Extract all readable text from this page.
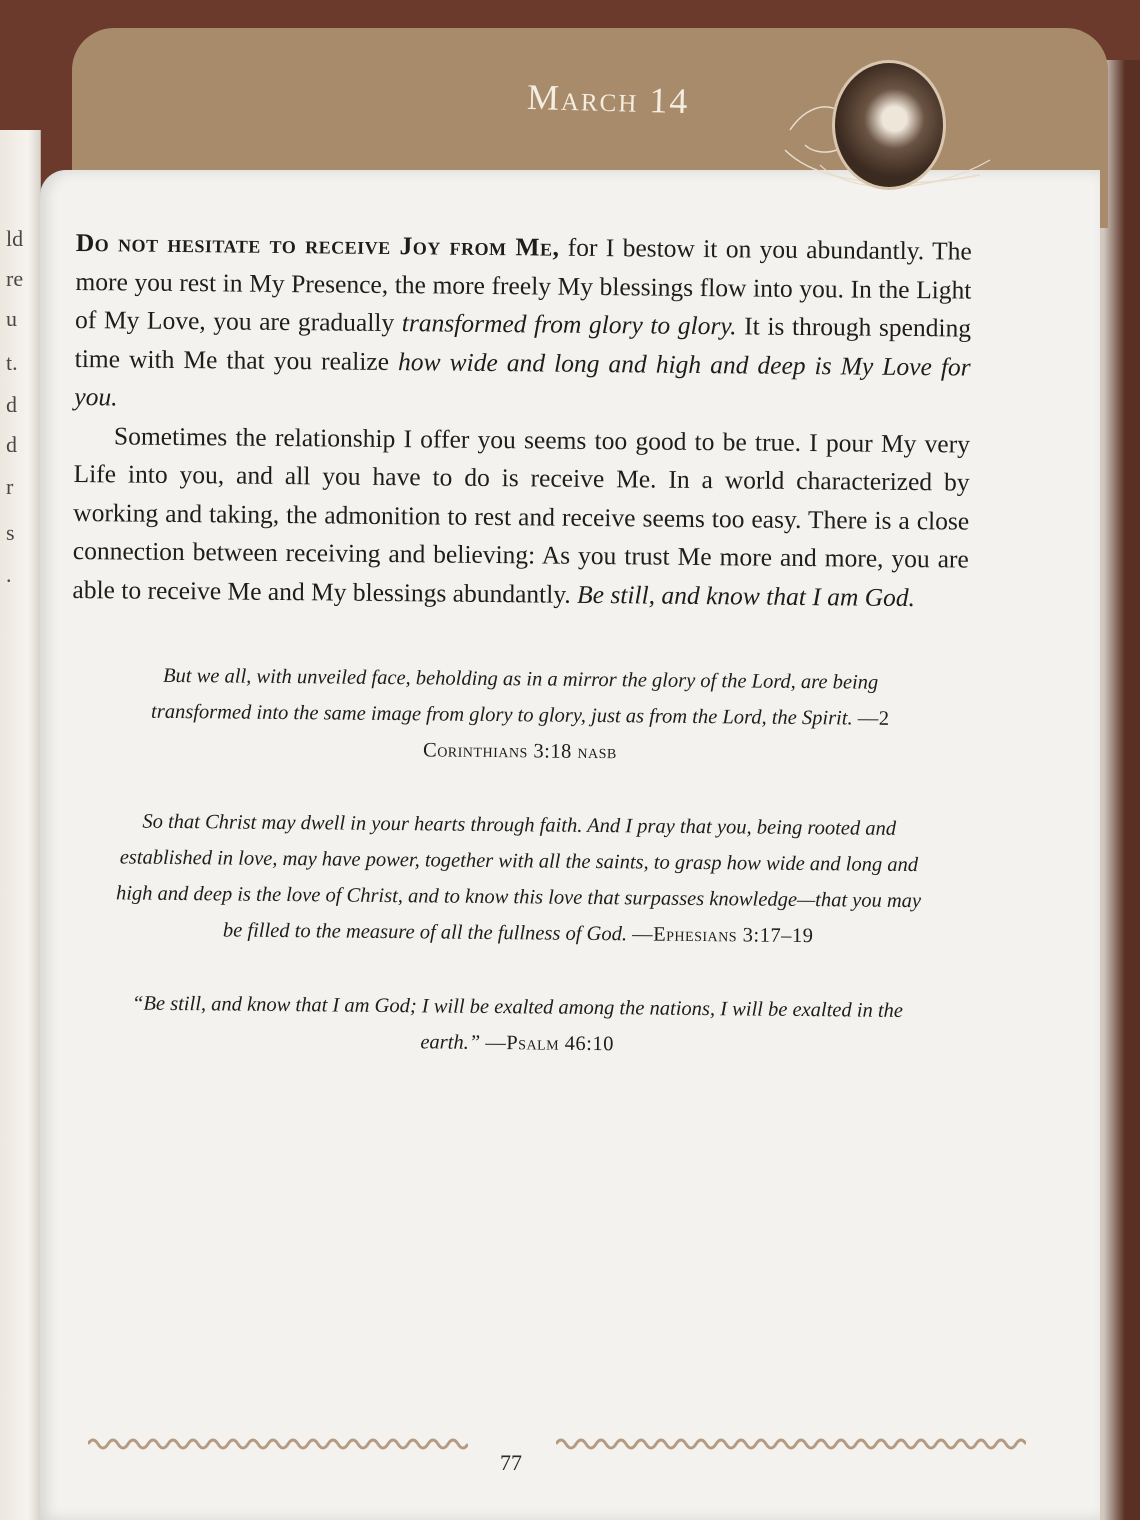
ld
re
u
t.
d
d
r
s
.
March 14

Do not hesitate to receive Joy from Me, for I bestow it on you abundantly. The more you rest in My Presence, the more freely My blessings flow into you. In the Light of My Love, you are gradually transformed from glory to glory. It is through spending time with Me that you realize how wide and long and high and deep is My Love for you.

Sometimes the relationship I offer you seems too good to be true. I pour My very Life into you, and all you have to do is receive Me. In a world characterized by working and taking, the admonition to rest and receive seems too easy. There is a close connection between receiving and believing: As you trust Me more and more, you are able to receive Me and My blessings abundantly. Be still, and know that I am God.

But we all, with unveiled face, beholding as in a mirror the glory of the Lord, are being transformed into the same image from glory to glory, just as from the Lord, the Spirit. —2 Corinthians 3:18 nasb

So that Christ may dwell in your hearts through faith. And I pray that you, being rooted and established in love, may have power, together with all the saints, to grasp how wide and long and high and deep is the love of Christ, and to know this love that surpasses knowledge—that you may be filled to the measure of all the fullness of God. —Ephesians 3:17–19

“Be still, and know that I am God; I will be exalted among the nations, I will be exalted in the earth.” —Psalm 46:10

77
